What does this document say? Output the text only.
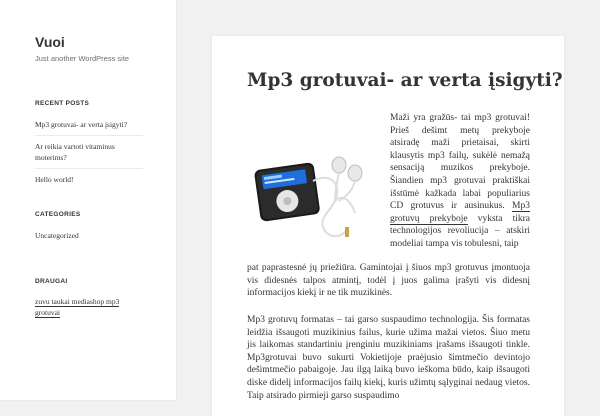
Vuoi
Just another WordPress site
RECENT POSTS
Mp3 grotuvai- ar verta įsigyti?
Ar reikia vartoti vitaminus moterims?
Hello world!
CATEGORIES
Uncategorized
DRAUGAI
zuvu taukai mediashop mp3 grotuvai
Mp3 grotuvai- ar verta įsigyti?

Maži yra gražūs- tai mp3 grotuvai! Prieš dešimt metų prekyboje atsiradę maži prietaisai, skirti klausytis mp3 failų, sukėlė nemažą sensaciją muzikos prekyboje. Šiandien mp3 grotuvai praktiškai išstūmė kažkada labai populiarius CD grotuvus ir ausinukus. Mp3 grotuvų prekyboje vyksta tikra technologijos revoliucija – atskiri modeliai tampa vis tobulesni, taip

pat paprastesnė jų priežiūra. Gamintojai į šiuos mp3 grotuvus įmontuoja vis didesnės talpos atmintį, todėl į juos galima įrašyti vis didesnį informacijos kiekį ir ne tik muzikinės.

Mp3 grotuvų formatas – tai garso suspaudimo technologija. Šis formatas leidžia išsaugoti muzikinius failus, kurie užima mažai vietos. Šiuo metu jis laikomas standartiniu įrenginiu muzikiniams įrašams išsaugoti tinkle. Mp3grotuvai buvo sukurti Vokietijoje praėjusio šimtmečio devintojo dešimtmečio pabaigoje. Jau ilgą laiką buvo ieškoma būdo, kaip išsaugoti diske didelį informacijos failų kiekį, kuris užimtų sąlyginai nedaug vietos. Taip atsirado pirmieji garso suspaudimo
